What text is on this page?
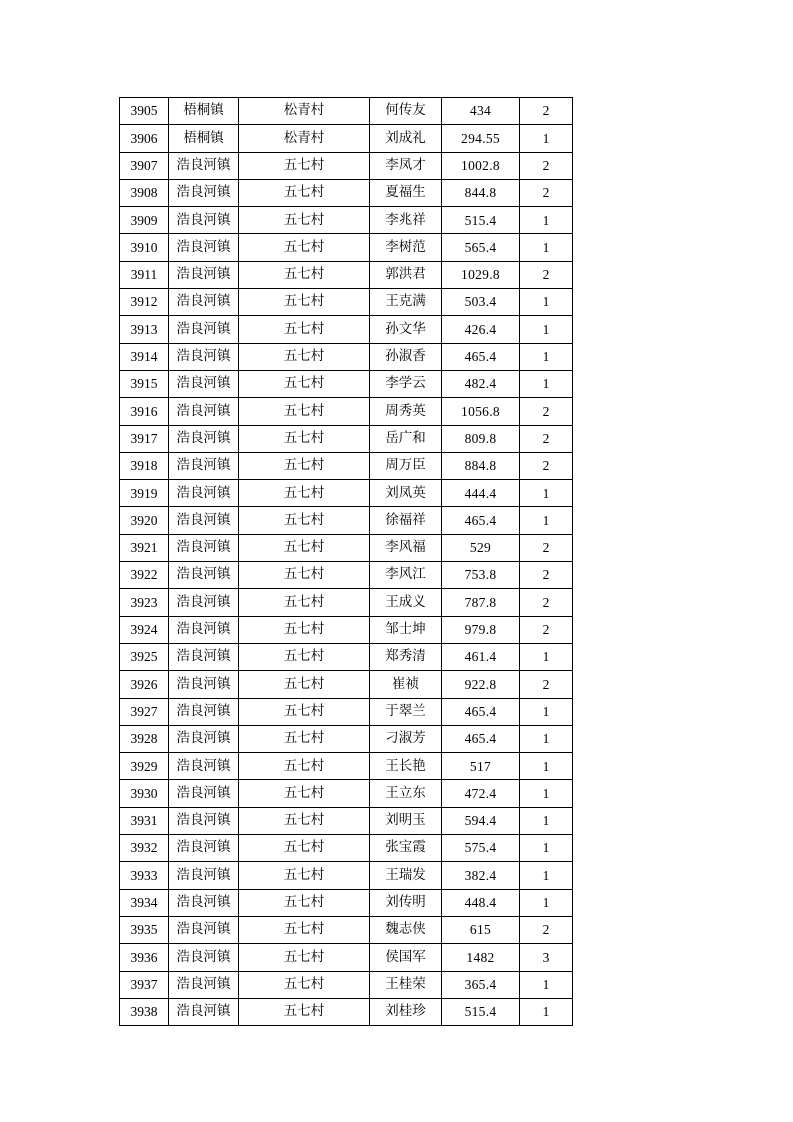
3905	梧桐镇	松青村	何传友	434	2
3906	梧桐镇	松青村	刘成礼	294.55	1
3907	浩良河镇	五七村	李凤才	1002.8	2
3908	浩良河镇	五七村	夏福生	844.8	2
3909	浩良河镇	五七村	李兆祥	515.4	1
3910	浩良河镇	五七村	李树范	565.4	1
3911	浩良河镇	五七村	郭洪君	1029.8	2
3912	浩良河镇	五七村	王克满	503.4	1
3913	浩良河镇	五七村	孙文华	426.4	1
3914	浩良河镇	五七村	孙淑香	465.4	1
3915	浩良河镇	五七村	李学云	482.4	1
3916	浩良河镇	五七村	周秀英	1056.8	2
3917	浩良河镇	五七村	岳广和	809.8	2
3918	浩良河镇	五七村	周万臣	884.8	2
3919	浩良河镇	五七村	刘凤英	444.4	1
3920	浩良河镇	五七村	徐福祥	465.4	1
3921	浩良河镇	五七村	李风福	529	2
3922	浩良河镇	五七村	李风江	753.8	2
3923	浩良河镇	五七村	王成义	787.8	2
3924	浩良河镇	五七村	邹士坤	979.8	2
3925	浩良河镇	五七村	郑秀清	461.4	1
3926	浩良河镇	五七村	崔祯	922.8	2
3927	浩良河镇	五七村	于翠兰	465.4	1
3928	浩良河镇	五七村	刁淑芳	465.4	1
3929	浩良河镇	五七村	王长艳	517	1
3930	浩良河镇	五七村	王立东	472.4	1
3931	浩良河镇	五七村	刘明玉	594.4	1
3932	浩良河镇	五七村	张宝霞	575.4	1
3933	浩良河镇	五七村	王瑞发	382.4	1
3934	浩良河镇	五七村	刘传明	448.4	1
3935	浩良河镇	五七村	魏志侠	615	2
3936	浩良河镇	五七村	侯国军	1482	3
3937	浩良河镇	五七村	王桂荣	365.4	1
3938	浩良河镇	五七村	刘桂珍	515.4	1
